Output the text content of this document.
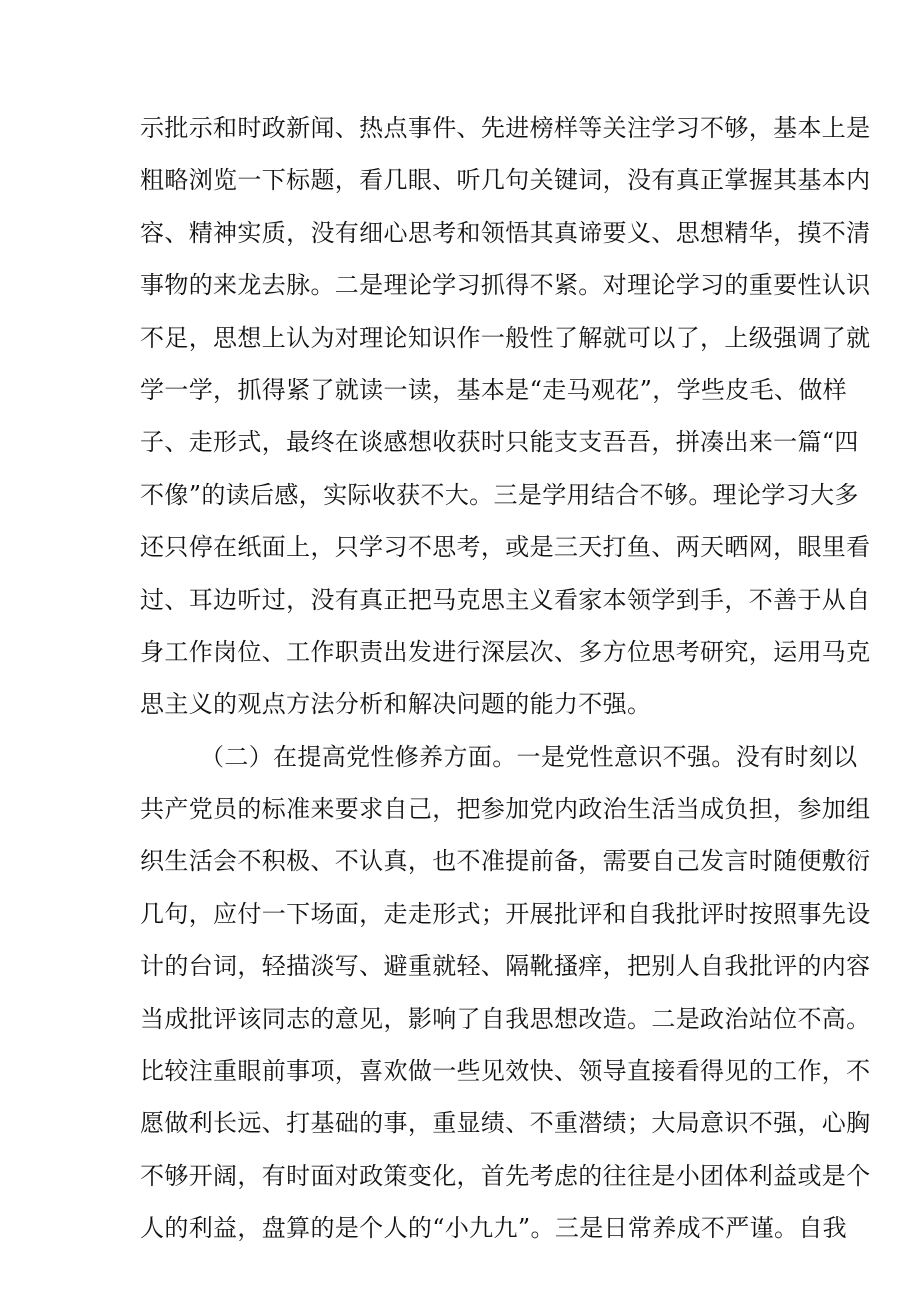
示批示和时政新闻、热点事件、先进榜样等关注学习不够，基本上是
粗略浏览一下标题，看几眼、听几句关键词，没有真正掌握其基本内
容、精神实质，没有细心思考和领悟其真谛要义、思想精华，摸不清
事物的来龙去脉。二是理论学习抓得不紧。对理论学习的重要性认识
不足，思想上认为对理论知识作一般性了解就可以了，上级强调了就
学一学，抓得紧了就读一读，基本是“走马观花”，学些皮毛、做样
子、走形式，最终在谈感想收获时只能支支吾吾，拼凑出来一篇“四
不像”的读后感，实际收获不大。三是学用结合不够。理论学习大多
还只停在纸面上，只学习不思考，或是三天打鱼、两天晒网，眼里看
过、耳边听过，没有真正把马克思主义看家本领学到手，不善于从自
身工作岗位、工作职责出发进行深层次、多方位思考研究，运用马克
思主义的观点方法分析和解决问题的能力不强。
（二）在提高党性修养方面。一是党性意识不强。没有时刻以
共产党员的标准来要求自己，把参加党内政治生活当成负担，参加组
织生活会不积极、不认真，也不准提前备，需要自己发言时随便敷衍
几句，应付一下场面，走走形式；开展批评和自我批评时按照事先设
计的台词，轻描淡写、避重就轻、隔靴搔痒，把别人自我批评的内容
当成批评该同志的意见，影响了自我思想改造。二是政治站位不高。
比较注重眼前事项，喜欢做一些见效快、领导直接看得见的工作，不
愿做利长远、打基础的事，重显绩、不重潜绩；大局意识不强，心胸
不够开阔，有时面对政策变化，首先考虑的往往是小团体利益或是个
人的利益，盘算的是个人的“小九九”。三是日常养成不严谨。自我
